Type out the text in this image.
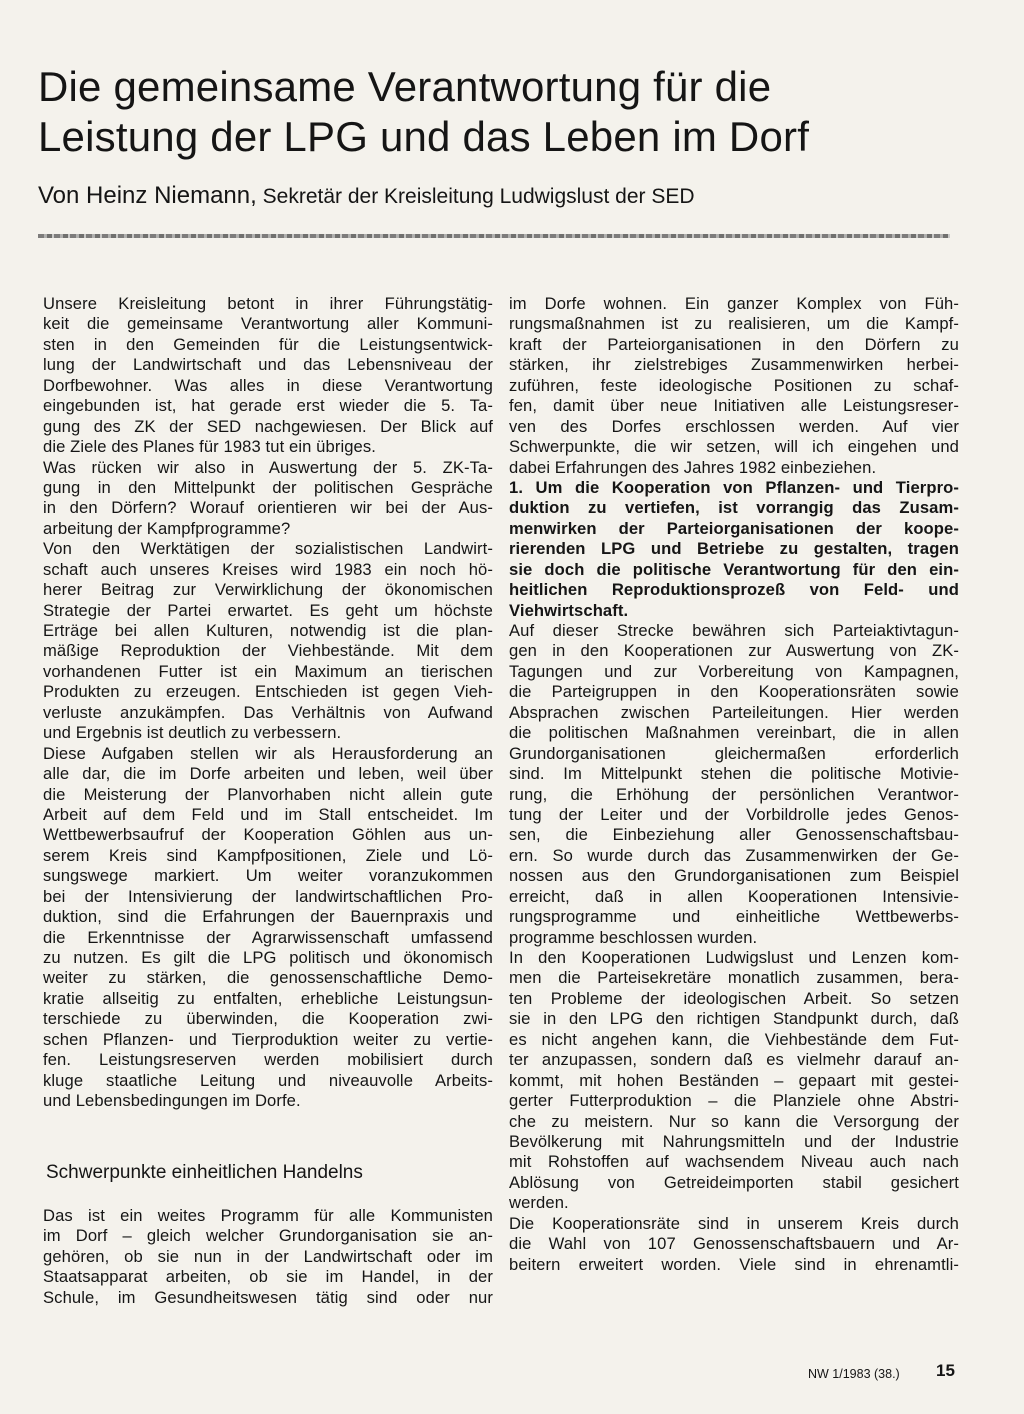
Die gemeinsame Verantwortung für die
Leistung der LPG und das Leben im Dorf
Von Heinz Niemann, Sekretär der Kreisleitung Ludwigslust der SED
Unsere Kreisleitung betont in ihrer Führungstätig-
keit die gemeinsame Verantwortung aller Kommuni-
sten in den Gemeinden für die Leistungsentwick-
lung der Landwirtschaft und das Lebensniveau der
Dorfbewohner. Was alles in diese Verantwortung
eingebunden ist, hat gerade erst wieder die 5. Ta-
gung des ZK der SED nachgewiesen. Der Blick auf
die Ziele des Planes für 1983 tut ein übriges.
Was rücken wir also in Auswertung der 5. ZK-Ta-
gung in den Mittelpunkt der politischen Gespräche
in den Dörfern? Worauf orientieren wir bei der Aus-
arbeitung der Kampfprogramme?
Von den Werktätigen der sozialistischen Landwirt-
schaft auch unseres Kreises wird 1983 ein noch hö-
herer Beitrag zur Verwirklichung der ökonomischen
Strategie der Partei erwartet. Es geht um höchste
Erträge bei allen Kulturen, notwendig ist die plan-
mäßige Reproduktion der Viehbestände. Mit dem
vorhandenen Futter ist ein Maximum an tierischen
Produkten zu erzeugen. Entschieden ist gegen Vieh-
verluste anzukämpfen. Das Verhältnis von Aufwand
und Ergebnis ist deutlich zu verbessern.
Diese Aufgaben stellen wir als Herausforderung an
alle dar, die im Dorfe arbeiten und leben, weil über
die Meisterung der Planvorhaben nicht allein gute
Arbeit auf dem Feld und im Stall entscheidet. Im
Wettbewerbsaufruf der Kooperation Göhlen aus un-
serem Kreis sind Kampfpositionen, Ziele und Lö-
sungswege markiert. Um weiter voranzukommen
bei der Intensivierung der landwirtschaftlichen Pro-
duktion, sind die Erfahrungen der Bauernpraxis und
die Erkenntnisse der Agrarwissenschaft umfassend
zu nutzen. Es gilt die LPG politisch und ökonomisch
weiter zu stärken, die genossenschaftliche Demo-
kratie allseitig zu entfalten, erhebliche Leistungsun-
terschiede zu überwinden, die Kooperation zwi-
schen Pflanzen- und Tierproduktion weiter zu vertie-
fen. Leistungsreserven werden mobilisiert durch
kluge staatliche Leitung und niveauvolle Arbeits-
und Lebensbedingungen im Dorfe.
Schwerpunkte einheitlichen Handelns
Das ist ein weites Programm für alle Kommunisten
im Dorf – gleich welcher Grundorganisation sie an-
gehören, ob sie nun in der Landwirtschaft oder im
Staatsapparat arbeiten, ob sie im Handel, in der
Schule, im Gesundheitswesen tätig sind oder nur
im Dorfe wohnen. Ein ganzer Komplex von Füh-
rungsmaßnahmen ist zu realisieren, um die Kampf-
kraft der Parteiorganisationen in den Dörfern zu
stärken, ihr zielstrebiges Zusammenwirken herbei-
zuführen, feste ideologische Positionen zu schaf-
fen, damit über neue Initiativen alle Leistungsreser-
ven des Dorfes erschlossen werden. Auf vier
Schwerpunkte, die wir setzen, will ich eingehen und
dabei Erfahrungen des Jahres 1982 einbeziehen.
1. Um die Kooperation von Pflanzen- und Tierpro-
duktion zu vertiefen, ist vorrangig das Zusam-
menwirken der Parteiorganisationen der koope-
rierenden LPG und Betriebe zu gestalten, tragen
sie doch die politische Verantwortung für den ein-
heitlichen Reproduktionsprozeß von Feld- und
Viehwirtschaft.
Auf dieser Strecke bewähren sich Parteiaktivtagun-
gen in den Kooperationen zur Auswertung von ZK-
Tagungen und zur Vorbereitung von Kampagnen,
die Parteigruppen in den Kooperationsräten sowie
Absprachen zwischen Parteileitungen. Hier werden
die politischen Maßnahmen vereinbart, die in allen
Grundorganisationen gleichermaßen erforderlich
sind. Im Mittelpunkt stehen die politische Motivie-
rung, die Erhöhung der persönlichen Verantwor-
tung der Leiter und der Vorbildrolle jedes Genos-
sen, die Einbeziehung aller Genossenschaftsbau-
ern. So wurde durch das Zusammenwirken der Ge-
nossen aus den Grundorganisationen zum Beispiel
erreicht, daß in allen Kooperationen Intensivie-
rungsprogramme und einheitliche Wettbewerbs-
programme beschlossen wurden.
In den Kooperationen Ludwigslust und Lenzen kom-
men die Parteisekretäre monatlich zusammen, bera-
ten Probleme der ideologischen Arbeit. So setzen
sie in den LPG den richtigen Standpunkt durch, daß
es nicht angehen kann, die Viehbestände dem Fut-
ter anzupassen, sondern daß es vielmehr darauf an-
kommt, mit hohen Beständen – gepaart mit gestei-
gerter Futterproduktion – die Planziele ohne Abstri-
che zu meistern. Nur so kann die Versorgung der
Bevölkerung mit Nahrungsmitteln und der Industrie
mit Rohstoffen auf wachsendem Niveau auch nach
Ablösung von Getreideimporten stabil gesichert
werden.
Die Kooperationsräte sind in unserem Kreis durch
die Wahl von 107 Genossenschaftsbauern und Ar-
beitern erweitert worden. Viele sind in ehrenamtli-
NW 1/1983 (38.) 15
